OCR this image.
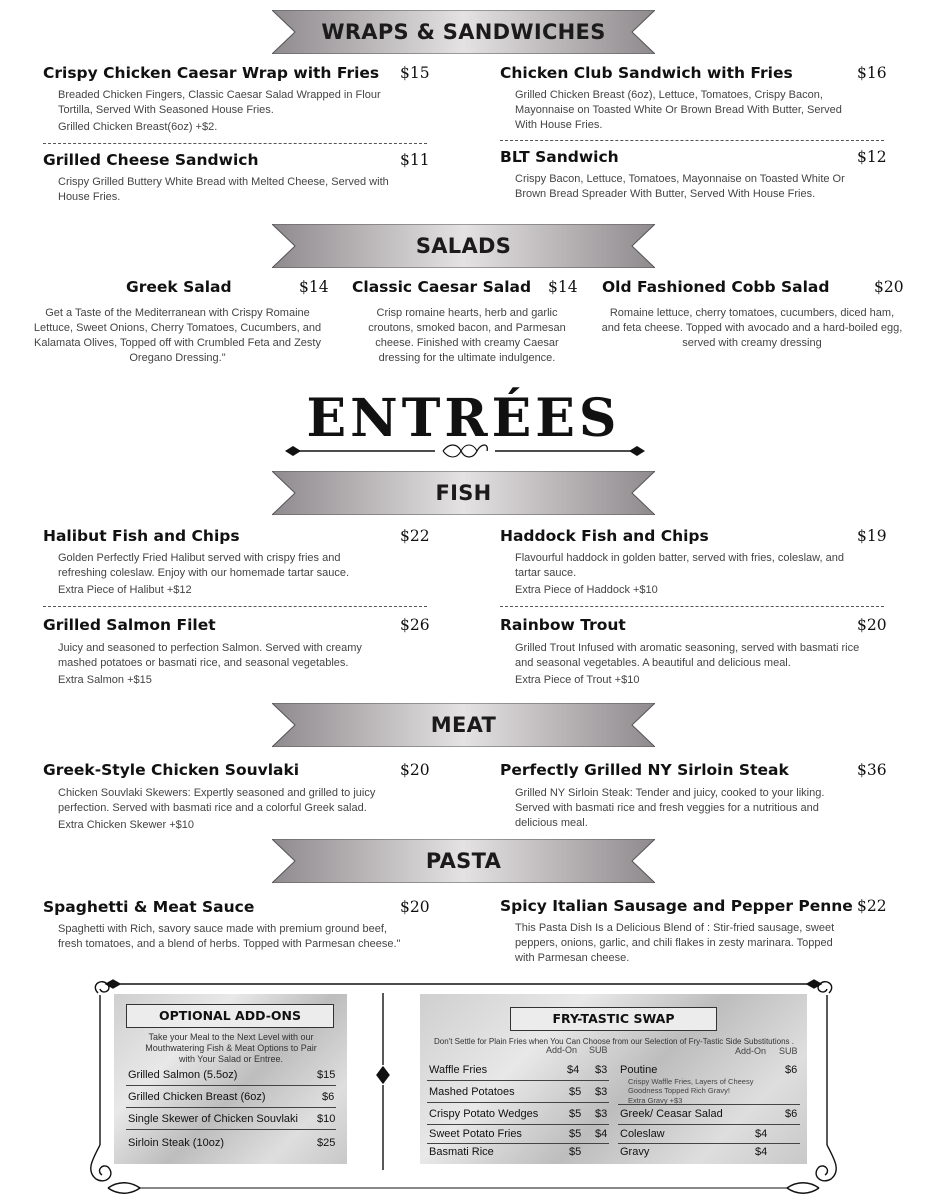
WRAPS & SANDWICHES
SALADS
ENTRÉES
FISH
MEAT
PASTA
Crispy Chicken Caesar Wrap with Fries $15
Breaded Chicken Fingers, Classic Caesar Salad Wrapped in Flour Tortilla, Served With Seasoned House Fries.
Grilled Chicken Breast(6oz) +$2.
Chicken Club Sandwich with Fries	$16
Grilled Chicken Breast (6oz), Lettuce, Tomatoes, Crispy Bacon, Mayonnaise on Toasted White Or Brown Bread With Butter, Served With House Fries.
Grilled Cheese Sandwich	$11
Crispy Grilled Buttery White Bread with Melted Cheese, Served with House Fries.
BLT Sandwich	$12
Crispy Bacon, Lettuce, Tomatoes, Mayonnaise on Toasted White Or Brown Bread Spreader With Butter, Served With House Fries.
Greek Salad	$14
Get a Taste of the Mediterranean with Crispy Romaine Lettuce, Sweet Onions, Cherry Tomatoes, Cucumbers, and Kalamata Olives, Topped off with Crumbled Feta and Zesty Oregano Dressing."
Classic Caesar Salad $14
Crisp romaine hearts, herb and garlic croutons, smoked bacon, and Parmesan cheese. Finished with creamy Caesar dressing for the ultimate indulgence.
Old Fashioned Cobb Salad	$20
Romaine lettuce, cherry tomatoes, cucumbers, diced ham, and feta cheese. Topped with avocado and a hard-boiled egg, served with creamy dressing
Halibut Fish and Chips	$22
Golden Perfectly Fried Halibut served with crispy fries and refreshing coleslaw. Enjoy with our homemade tartar sauce.
Extra Piece of Halibut +$12
Haddock Fish and Chips	$19
Flavourful haddock in golden batter, served with fries, coleslaw, and tartar sauce.
Extra Piece of Haddock +$10
Grilled Salmon Filet	$26
Juicy and seasoned to perfection Salmon. Served with creamy mashed potatoes or basmati rice, and seasonal vegetables.
Extra Salmon +$15
Rainbow Trout	$20
Grilled Trout Infused with aromatic seasoning, served with basmati rice and seasonal vegetables. A beautiful and delicious meal.
Extra Piece of Trout +$10
Greek-Style Chicken Souvlaki	$20
Chicken Souvlaki Skewers: Expertly seasoned and grilled to juicy perfection. Served with basmati rice and a colorful Greek salad.
Extra Chicken Skewer +$10
Perfectly Grilled NY Sirloin Steak	$36
Grilled NY Sirloin Steak: Tender and juicy, cooked to your liking. Served with basmati rice and fresh veggies for a nutritious and delicious meal.
Spaghetti & Meat Sauce	$20
Spaghetti with Rich, savory sauce made with premium ground beef, fresh tomatoes, and a blend of herbs. Topped with Parmesan cheese."
Spicy Italian Sausage and Pepper Penne $22
This Pasta Dish Is a Delicious Blend of : Stir-fried sausage, sweet peppers, onions, garlic, and chili flakes in zesty marinara. Topped with Parmesan cheese.
OPTIONAL ADD-ONS
Take your Meal to the Next Level with our Mouthwatering Fish & Meat Options to Pair with Your Salad or Entree.
Grilled Salmon (5.5oz)	$15
Grilled Chicken Breast (6oz)	$6
Single Skewer of Chicken Souvlaki $10
Sirloin Steak (10oz)	$25
FRY-TASTIC SWAP
Don't Settle for Plain Fries when You Can Choose from our Selection of Fry-Tastic Side Substitutions .
Add-On SUB	Add-On SUB
Waffle Fries	$4 $3
Mashed Potatoes	$5 $3
Crispy Potato Wedges	$5 $3
Sweet Potato Fries	$5 $4
Basmati Rice	$5
Poutine	$6
Crispy Waffle Fries, Layers of Cheesy Goodness Topped Rich Gravy!
Extra Gravy +$3
Greek/ Ceasar Salad	$6
Coleslaw	$4
Gravy	$4
